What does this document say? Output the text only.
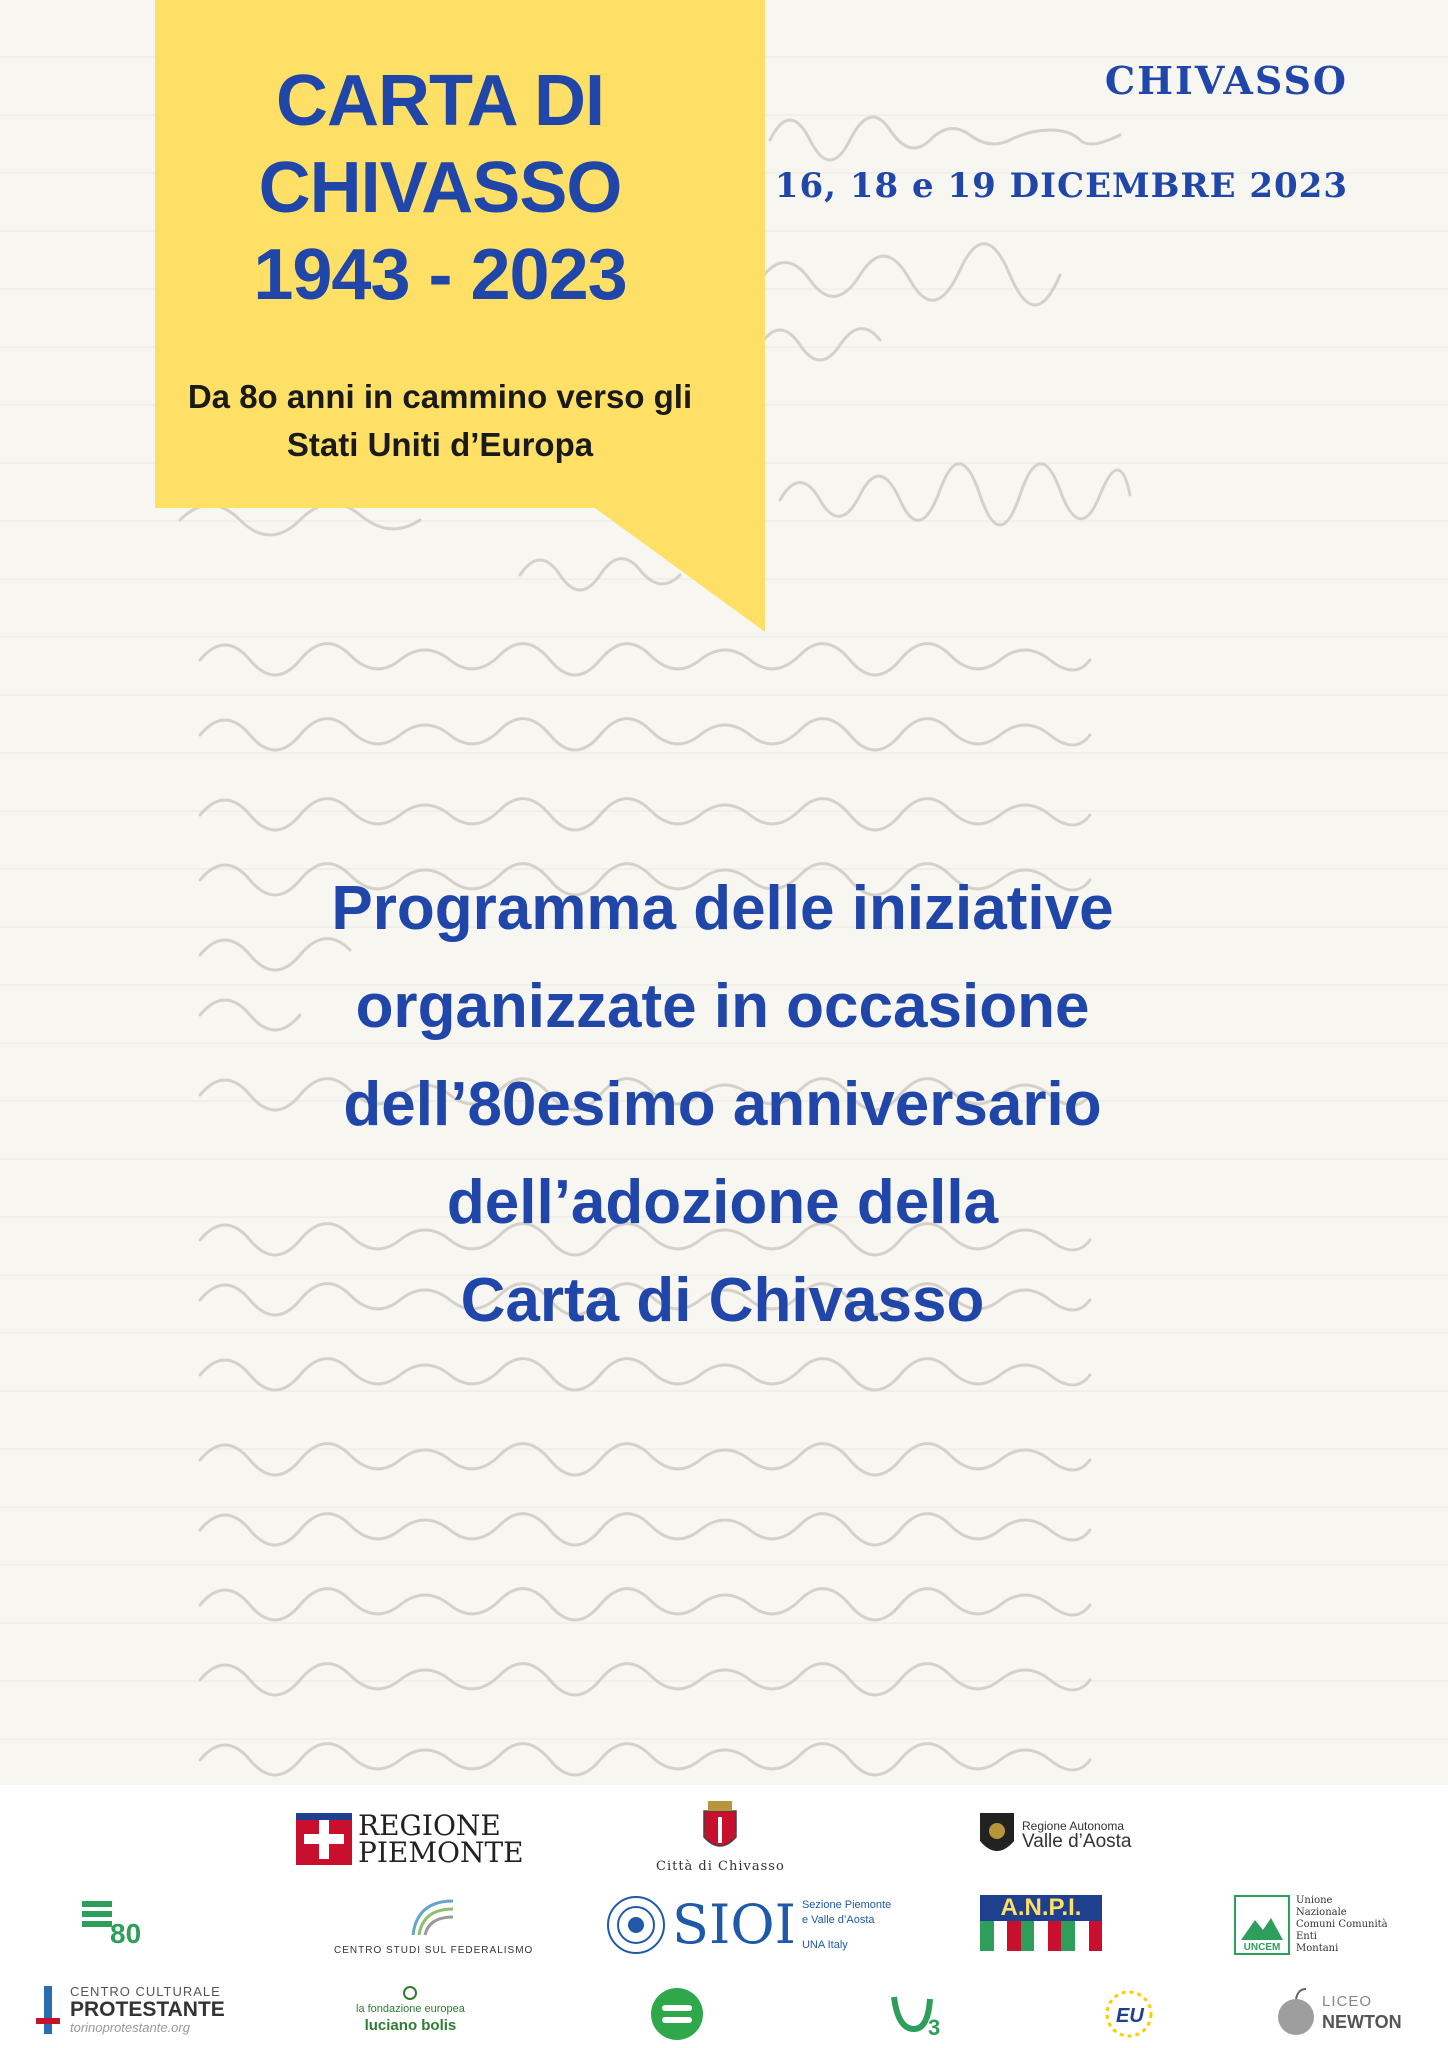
CARTA DI
CHIVASSO
1943 - 2023
Da 8o anni in cammino verso gli
Stati Uniti d’Europa
CHIVASSO
16, 18 e 19 DICEMBRE 2023
Programma delle iniziative
organizzate in occasione
dell’80esimo anniversario
dell’adozione della
Carta di Chivasso
REGIONE
PIEMONTE	Città di Chivasso
Regione Autonoma
Valle d’Aosta
80
CENTRO STUDI SUL FEDERALISMO	SIOI Sezione Piemonte
e Valle d’Aosta
UNA Italy
A.N.P.I.
UNCEM
Unione
Nazionale
Comuni Comunità
Enti
Montani
CENTRO CULTURALE
PROTESTANTE
torinoprotestante.org
la fondazione europea
luciano bolis	3	EU
LICEO
NEWTON
